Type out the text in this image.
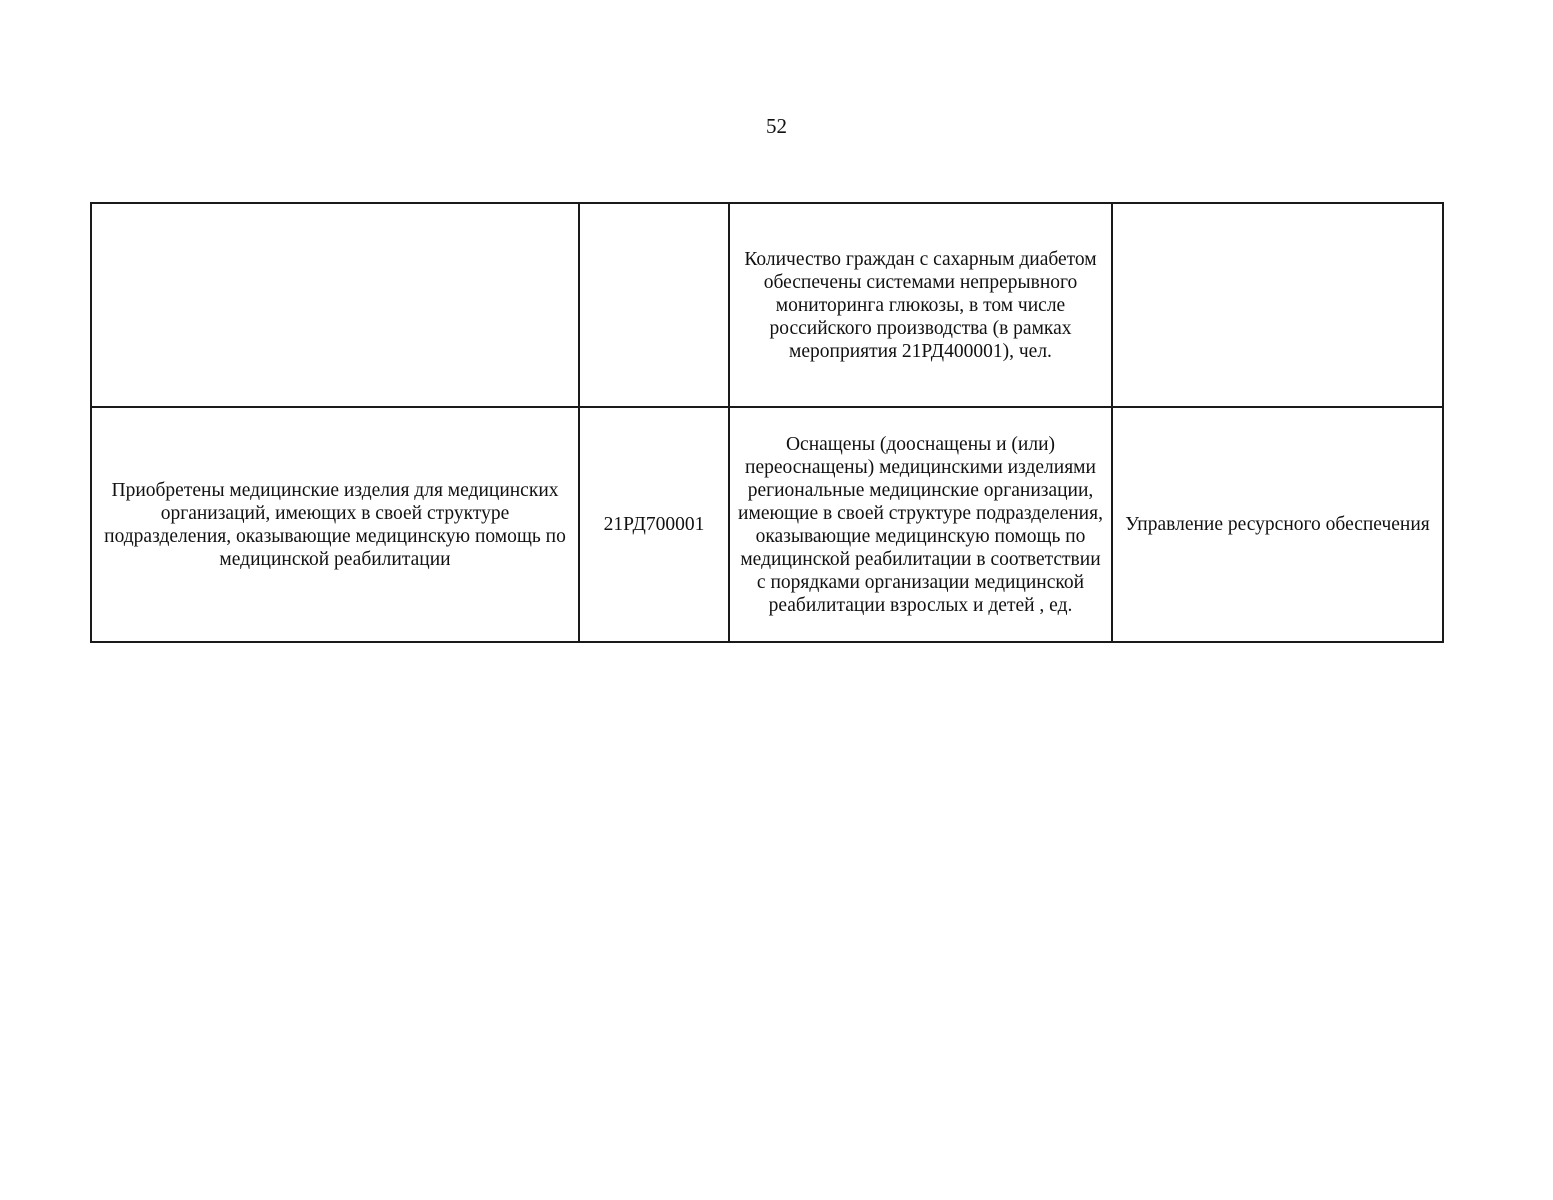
52

		Количество граждан с сахарным диабетом обеспечены системами непрерывного мониторинга глюкозы, в том числе российского производства (в рамках мероприятия 21РД400001), чел.	

Приобретены медицинские изделия для медицинских организаций, имеющих в своей структуре подразделения, оказывающие медицинскую помощь по медицинской реабилитации	21РД700001	Оснащены (дооснащены и (или) переоснащены) медицинскими изделиями региональные медицинские организации, имеющие в своей структуре подразделения, оказывающие медицинскую помощь по медицинской реабилитации в соответствии с порядками организации медицинской реабилитации взрослых и детей , ед.	Управление ресурсного обеспечения
